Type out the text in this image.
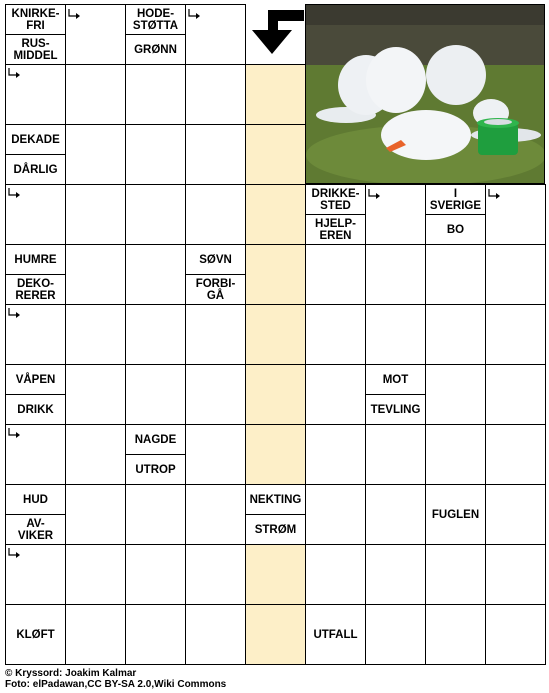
© Kryssord: Joakim Kalmar
Foto: elPadawan,CC BY-SA 2.0,Wiki Commons
KNIRKE-
FRI
RUS-
MIDDEL
HODE-
STØTTA
GRØNN
DEKADE
DÅRLIG
DRIKKE-
STED
HJELP-
EREN
I
SVERIGE
BO
HUMRE
DEKO-
RERER
SØVN
FORBI-
GÅ
VÅPEN
DRIKK
MOT
TEVLING
NAGDE
UTROP
HUD
AV-
VIKER
NEKTING
STRØM
FUGLEN
KLØFT	UTFALL
